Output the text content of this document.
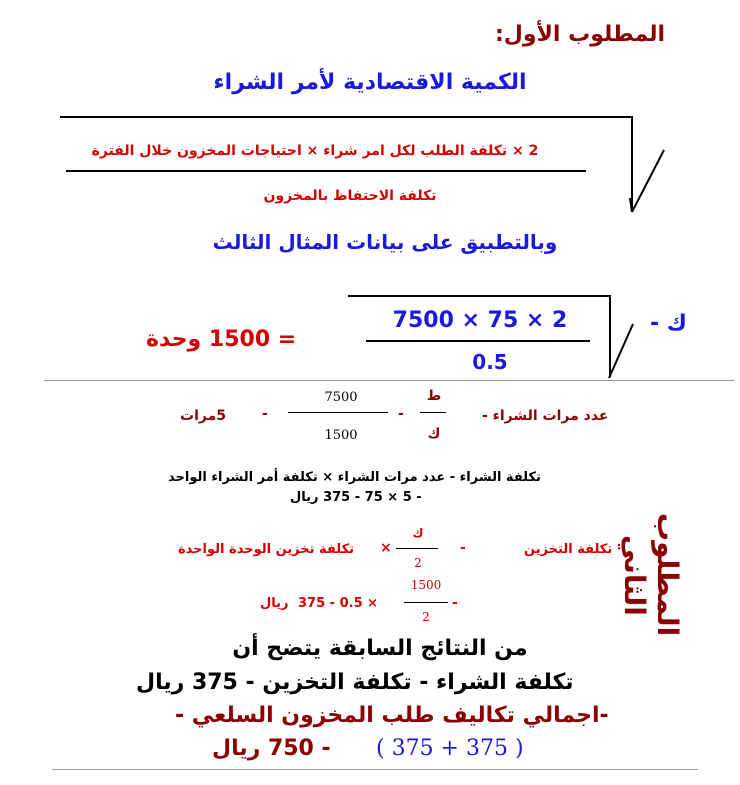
المطلوب الأول:
الكمية الاقتصادية لأمر الشراء
2 × تكلفة الطلب لكل امر شراء × احتياجات المخزون خلال الفترة
تكلفة الاحتفاظ بالمخزون
وبالتطبيق على بيانات المثال الثالث
ك -
7500 × 75 × 2
0.5
= 1500 وحدة
المطلوب الثاني
عدد مرات الشراء -
ط
ك
-
7500
1500
-
5مرات
تكلفة الشراء - عدد مرات الشراء × تكلفة أمر الشراء الواحد
- 5 × 75 - 375 ريال
تكلفة التخزين
-
ك
2
×
تكلفة تخزين الوحدة الواحدة
ريال 375 - 0.5 ×
1500
2
-
من النتائج السابقة يتضح أن
تكلفة الشراء - تكلفة التخزين - 375 ريال
-اجمالي تكاليف طلب المخزون السلعي -
( 375 + 375 )
- 750 ريال
